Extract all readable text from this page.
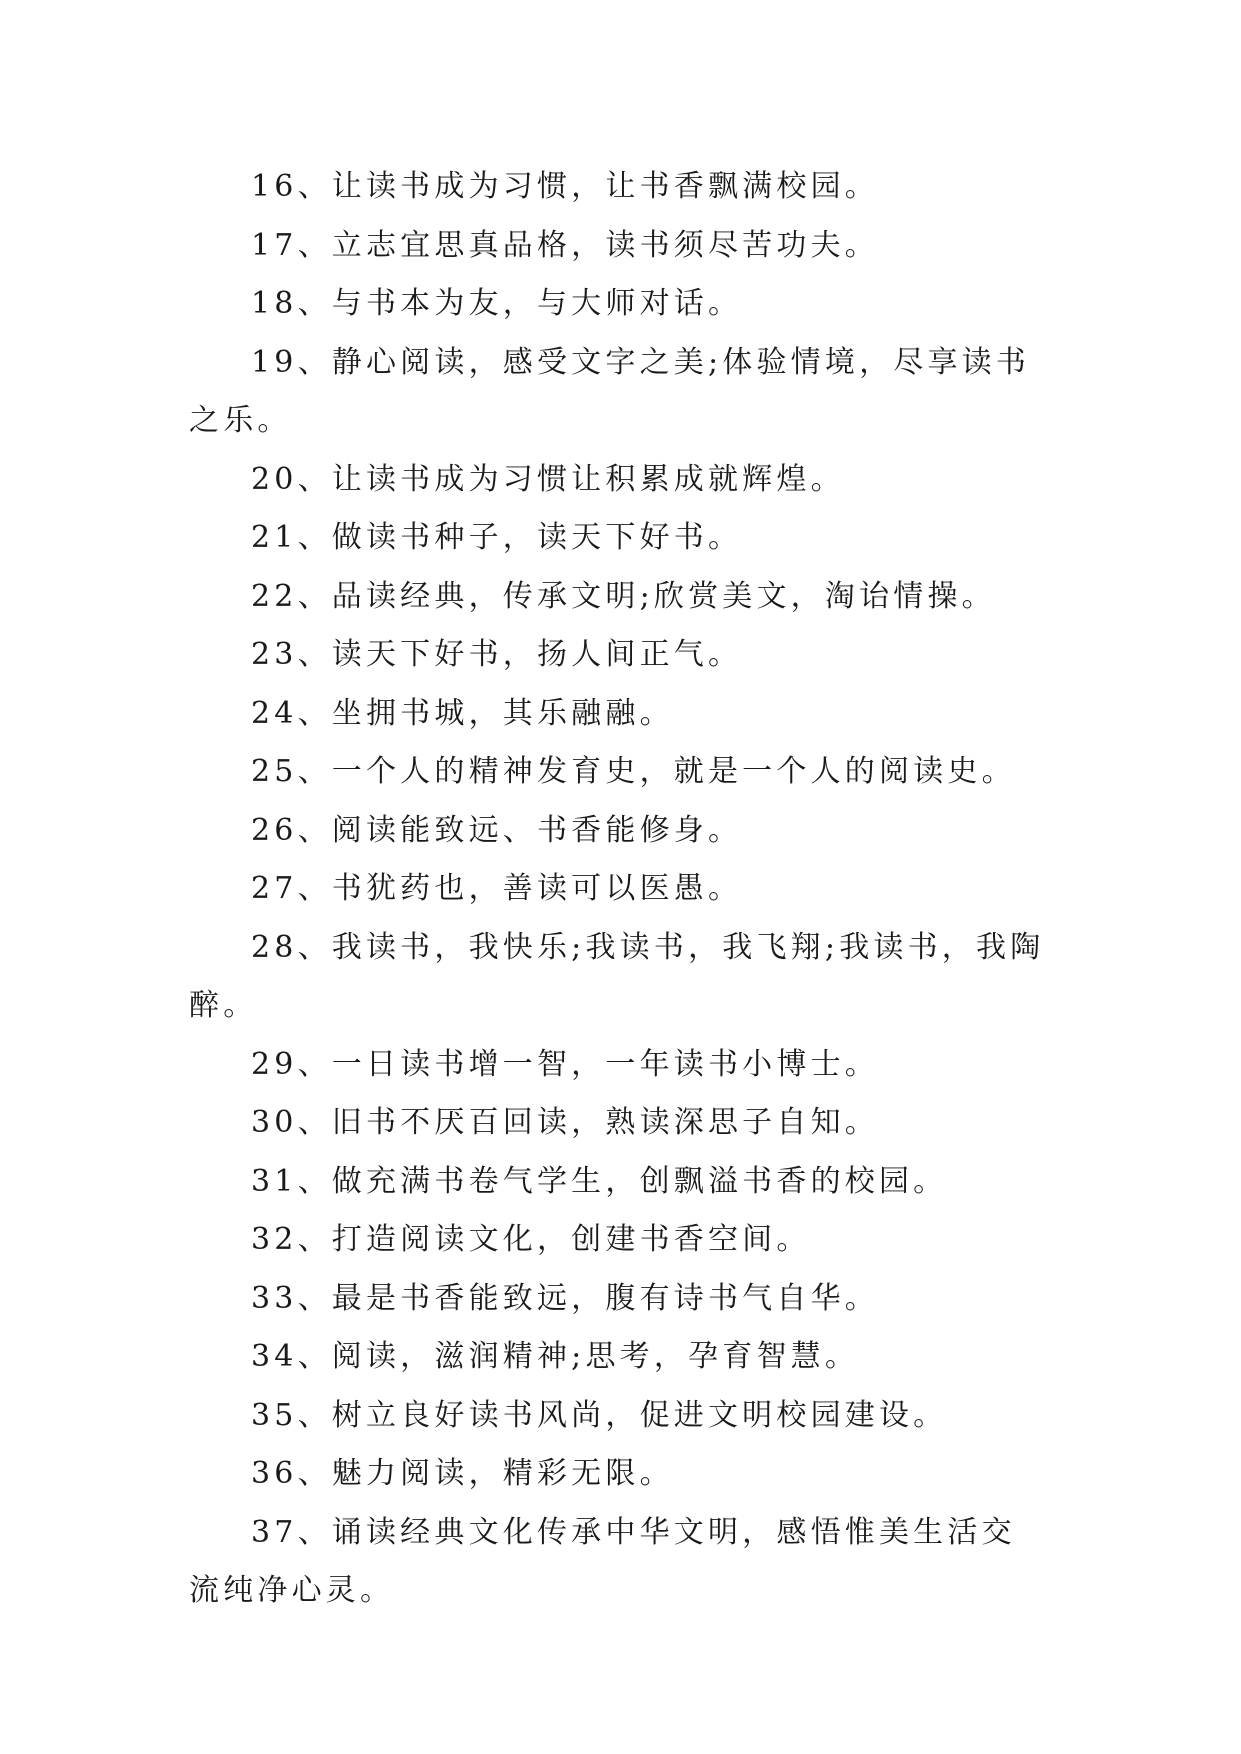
16、让读书成为习惯，让书香飘满校园。

17、立志宜思真品格，读书须尽苦功夫。

18、与书本为友，与大师对话。

19、静心阅读，感受文字之美;体验情境，尽享读书之乐。

20、让读书成为习惯让积累成就辉煌。

21、做读书种子，读天下好书。

22、品读经典，传承文明;欣赏美文，淘诒情操。

23、读天下好书，扬人间正气。

24、坐拥书城，其乐融融。

25、一个人的精神发育史，就是一个人的阅读史。

26、阅读能致远、书香能修身。

27、书犹药也，善读可以医愚。

28、我读书，我快乐;我读书，我飞翔;我读书，我陶醉。

29、一日读书增一智，一年读书小博士。

30、旧书不厌百回读，熟读深思子自知。

31、做充满书卷气学生，创飘溢书香的校园。

32、打造阅读文化，创建书香空间。

33、最是书香能致远，腹有诗书气自华。

34、阅读，滋润精神;思考，孕育智慧。

35、树立良好读书风尚，促进文明校园建设。

36、魅力阅读，精彩无限。

37、诵读经典文化传承中华文明，感悟惟美生活交流纯净心灵。
